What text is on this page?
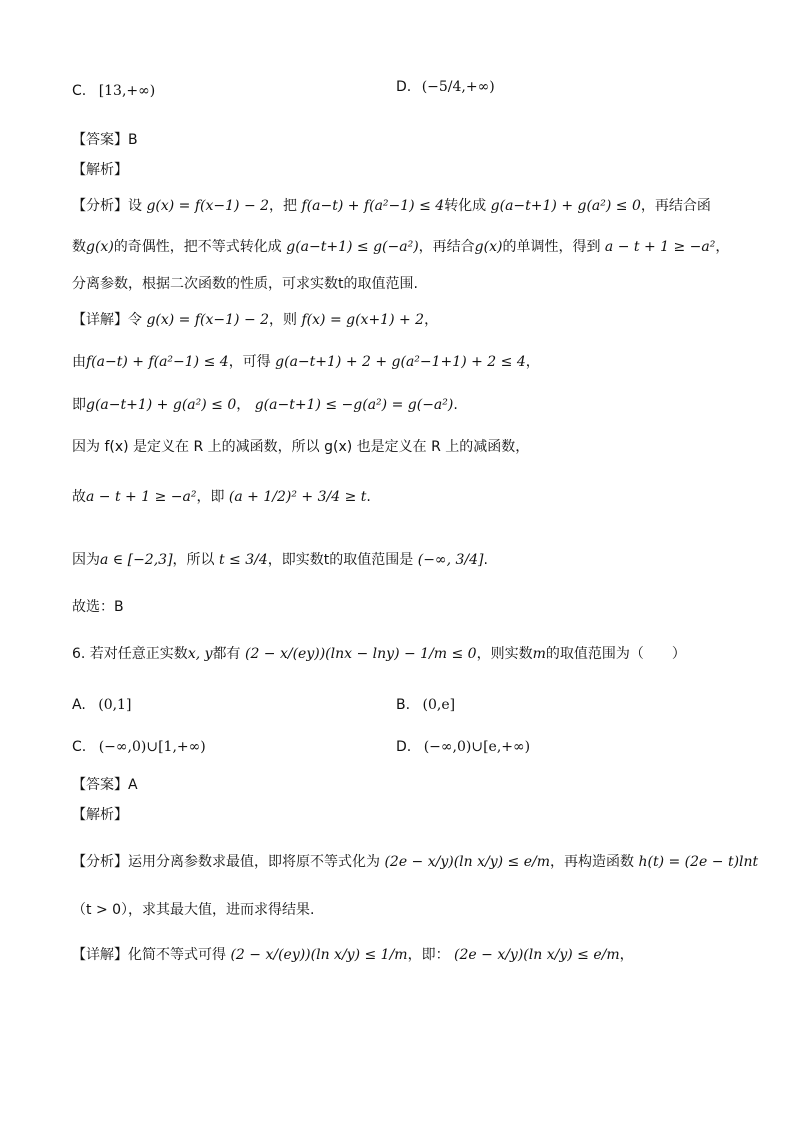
C. [13,+∞)	D. (−5/4,+∞)
【答案】B
【解析】
【分析】设 g(x) = f(x−1) − 2，把 f(a−t) + f(a²−1) ≤ 4转化成 g(a−t+1) + g(a²) ≤ 0，再结合函
数g(x)的奇偶性，把不等式转化成 g(a−t+1) ≤ g(−a²)，再结合g(x)的单调性，得到 a − t + 1 ≥ −a²，
分离参数，根据二次函数的性质，可求实数t的取值范围.
【详解】令 g(x) = f(x−1) − 2，则 f(x) = g(x+1) + 2，
由f(a−t) + f(a²−1) ≤ 4，可得 g(a−t+1) + 2 + g(a²−1+1) + 2 ≤ 4，
即g(a−t+1) + g(a²) ≤ 0， g(a−t+1) ≤ −g(a²) = g(−a²).
因为 f(x) 是定义在 R 上的减函数，所以 g(x) 也是定义在 R 上的减函数，
故a − t + 1 ≥ −a²，即 (a + 1/2)² + 3/4 ≥ t.
因为a ∈ [−2,3]，所以 t ≤ 3/4，即实数t的取值范围是 (−∞, 3/4].
故选：B
6. 若对任意正实数x, y都有 (2 − x/(ey))(lnx − lny) − 1/m ≤ 0，则实数m的取值范围为（　　）
A. (0,1]	B. (0,e]
C. (−∞,0)∪[1,+∞)	D. (−∞,0)∪[e,+∞)
【答案】A
【解析】
【分析】运用分离参数求最值，即将原不等式化为 (2e − x/y)(ln x/y) ≤ e/m，再构造函数 h(t) = (2e − t)lnt
（t > 0），求其最大值，进而求得结果.
【详解】化简不等式可得 (2 − x/(ey))(ln x/y) ≤ 1/m，即： (2e − x/y)(ln x/y) ≤ e/m，
